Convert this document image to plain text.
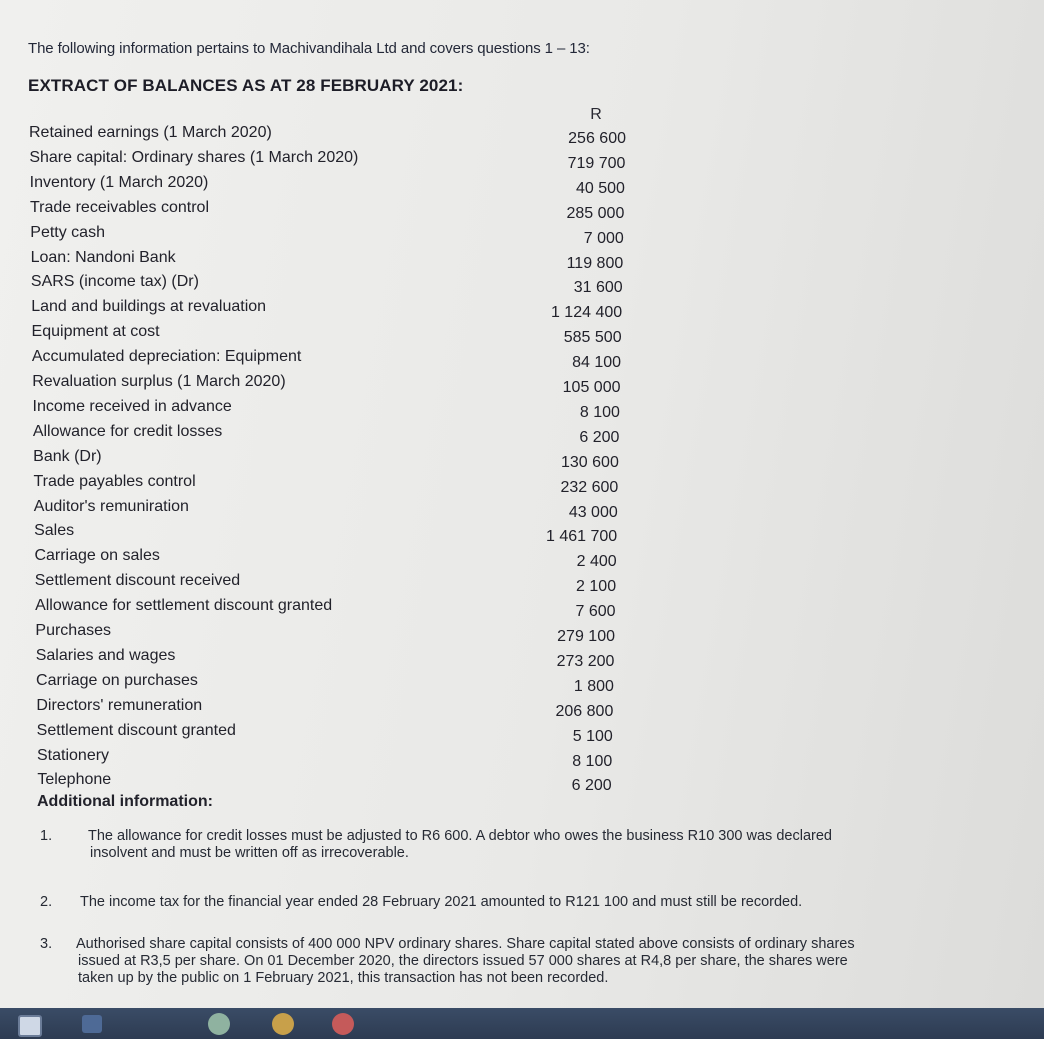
The following information pertains to Machivandihala Ltd and covers questions 1 – 13:
EXTRACT OF BALANCES AS AT 28 FEBRUARY 2021:
R
Retained earnings (1 March 2020)	256 600
Share capital: Ordinary shares (1 March 2020)	719 700
Inventory (1 March 2020)	40 500
Trade receivables control	285 000
Petty cash	7 000
Loan: Nandoni Bank	119 800
SARS (income tax) (Dr)	31 600
Land and buildings at revaluation	1 124 400
Equipment at cost	585 500
Accumulated depreciation: Equipment	84 100
Revaluation surplus (1 March 2020)	105 000
Income received in advance	8 100
Allowance for credit losses	6 200
Bank (Dr)	130 600
Trade payables control	232 600
Auditor's remuniration	43 000
Sales	1 461 700
Carriage on sales	2 400
Settlement discount received	2 100
Allowance for settlement discount granted	7 600
Purchases	279 100
Salaries and wages	273 200
Carriage on purchases	1 800
Directors' remuneration	206 800
Settlement discount granted	5 100
Stationery	8 100
Telephone	6 200
Additional information:
1. The allowance for credit losses must be adjusted to R6 600. A debtor who owes the business R10 300 was declared
insolvent and must be written off as irrecoverable.
2. The income tax for the financial year ended 28 February 2021 amounted to R121 100 and must still be recorded.
3. Authorised share capital consists of 400 000 NPV ordinary shares. Share capital stated above consists of ordinary shares
issued at R3,5 per share. On 01 December 2020, the directors issued 57 000 shares at R4,8 per share, the shares were
taken up by the public on 1 February 2021, this transaction has not been recorded.
